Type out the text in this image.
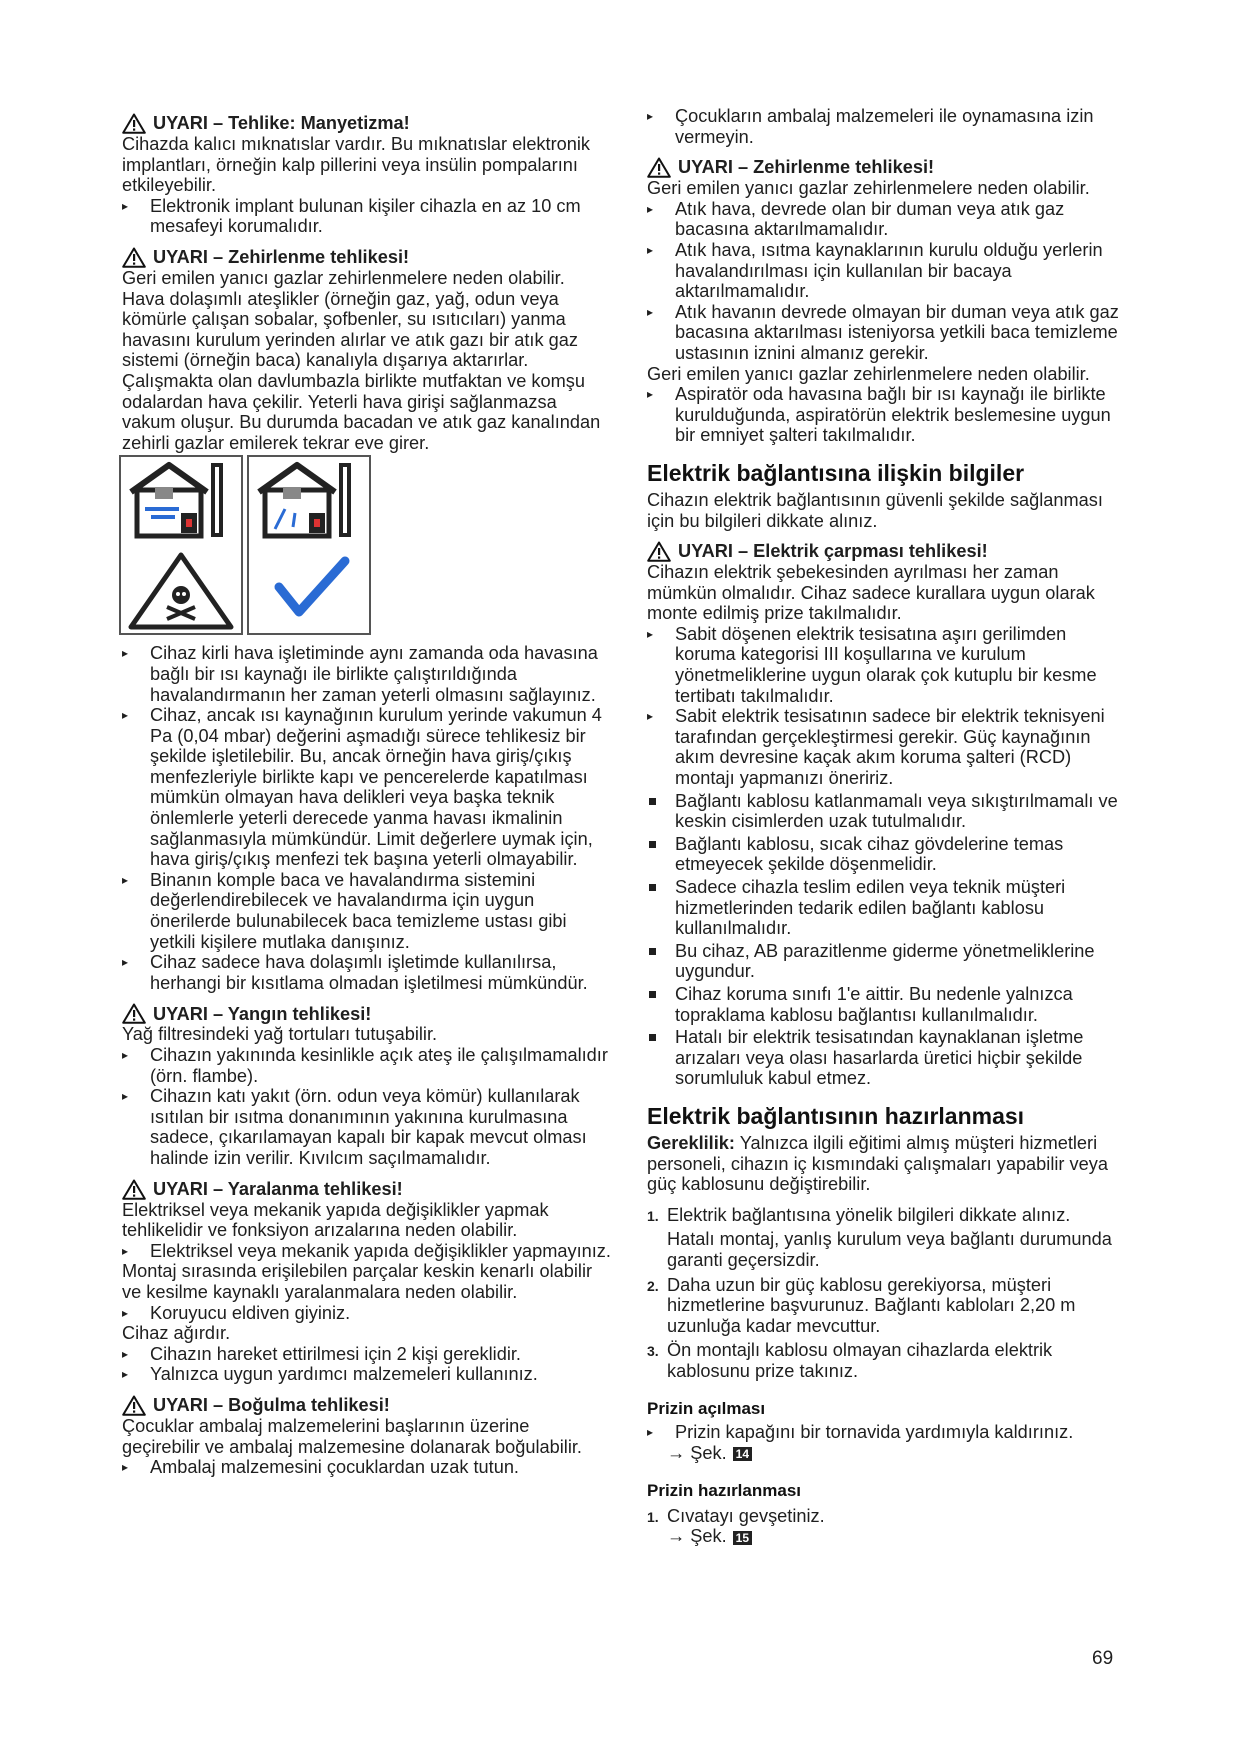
UYARI – Tehlike: Manyetizma!

Cihazda kalıcı mıknatıslar vardır. Bu mıknatıslar elektronik implantları, örneğin kalp pillerini veya insülin pompalarını etkileyebilir.

▸ Elektronik implant bulunan kişiler cihazla en az 10 cm mesafeyi korumalıdır.

UYARI – Zehirlenme tehlikesi!

Geri emilen yanıcı gazlar zehirlenmelere neden olabilir. Hava dolaşımlı ateşlikler (örneğin gaz, yağ, odun veya kömürle çalışan sobalar, şofbenler, su ısıtıcıları) yanma havasını kurulum yerinden alırlar ve atık gazı bir atık gaz sistemi (örneğin baca) kanalıyla dışarıya aktarırlar. Çalışmakta olan davlumbazla birlikte mutfaktan ve komşu odalardan hava çekilir. Yeterli hava girişi sağlanmazsa vakum oluşur. Bu durumda bacadan ve atık gaz kanalından zehirli gazlar emilerek tekrar eve girer.

▸ Cihaz kirli hava işletiminde aynı zamanda oda havasına bağlı bir ısı kaynağı ile birlikte çalıştırıldığında havalandırmanın her zaman yeterli olmasını sağlayınız.
▸ Cihaz, ancak ısı kaynağının kurulum yerinde vakumun 4 Pa (0,04 mbar) değerini aşmadığı sürece tehlikesiz bir şekilde işletilebilir. Bu, ancak örneğin hava giriş/çıkış menfezleriyle birlikte kapı ve pencerelerde kapatılması mümkün olmayan hava delikleri veya başka teknik önlemlerle yeterli derecede yanma havası ikmalinin sağlanmasıyla mümkündür. Limit değerlere uymak için, hava giriş/çıkış menfezi tek başına yeterli olmayabilir.
▸ Binanın komple baca ve havalandırma sistemini değerlendirebilecek ve havalandırma için uygun önerilerde bulunabilecek baca temizleme ustası gibi yetkili kişilere mutlaka danışınız.
▸ Cihaz sadece hava dolaşımlı işletimde kullanılırsa, herhangi bir kısıtlama olmadan işletilmesi mümkündür.

UYARI – Yangın tehlikesi!

Yağ filtresindeki yağ tortuları tutuşabilir.

▸ Cihazın yakınında kesinlikle açık ateş ile çalışılmamalıdır (örn. flambe).
▸ Cihazın katı yakıt (örn. odun veya kömür) kullanılarak ısıtılan bir ısıtma donanımının yakınına kurulmasına sadece, çıkarılamayan kapalı bir kapak mevcut olması halinde izin verilir. Kıvılcım saçılmamalıdır.

UYARI – Yaralanma tehlikesi!

Elektriksel veya mekanik yapıda değişiklikler yapmak tehlikelidir ve fonksiyon arızalarına neden olabilir.

▸ Elektriksel veya mekanik yapıda değişiklikler yapmayınız.

Montaj sırasında erişilebilen parçalar keskin kenarlı olabilir ve kesilme kaynaklı yaralanmalara neden olabilir.

▸ Koruyucu eldiven giyiniz.

Cihaz ağırdır.

▸ Cihazın hareket ettirilmesi için 2 kişi gereklidir.
▸ Yalnızca uygun yardımcı malzemeleri kullanınız.

UYARI – Boğulma tehlikesi!

Çocuklar ambalaj malzemelerini başlarının üzerine geçirebilir ve ambalaj malzemesine dolanarak boğulabilir.

▸ Ambalaj malzemesini çocuklardan uzak tutun.
▸ Çocukların ambalaj malzemeleri ile oynamasına izin vermeyin.

UYARI – Zehirlenme tehlikesi!

Geri emilen yanıcı gazlar zehirlenmelere neden olabilir.

▸ Atık hava, devrede olan bir duman veya atık gaz bacasına aktarılmamalıdır.
▸ Atık hava, ısıtma kaynaklarının kurulu olduğu yerlerin havalandırılması için kullanılan bir bacaya aktarılmamalıdır.
▸ Atık havanın devrede olmayan bir duman veya atık gaz bacasına aktarılması isteniyorsa yetkili baca temizleme ustasının iznini almanız gerekir.

Geri emilen yanıcı gazlar zehirlenmelere neden olabilir.

▸ Aspiratör oda havasına bağlı bir ısı kaynağı ile birlikte kurulduğunda, aspiratörün elektrik beslemesine uygun bir emniyet şalteri takılmalıdır.
Elektrik bağlantısına ilişkin bilgiler

Cihazın elektrik bağlantısının güvenli şekilde sağlanması için bu bilgileri dikkate alınız.

UYARI – Elektrik çarpması tehlikesi!

Cihazın elektrik şebekesinden ayrılması her zaman mümkün olmalıdır. Cihaz sadece kurallara uygun olarak monte edilmiş prize takılmalıdır.

▸ Sabit döşenen elektrik tesisatına aşırı gerilimden koruma kategorisi III koşullarına ve kurulum yönetmeliklerine uygun olarak çok kutuplu bir kesme tertibatı takılmalıdır.
▸ Sabit elektrik tesisatının sadece bir elektrik teknisyeni tarafından gerçekleştirmesi gerekir. Güç kaynağının akım devresine kaçak akım koruma şalteri (RCD) montajı yapmanızı öneririz.
Bağlantı kablosu katlanmamalı veya sıkıştırılmamalı ve keskin cisimlerden uzak tutulmalıdır.
Bağlantı kablosu, sıcak cihaz gövdelerine temas etmeyecek şekilde döşenmelidir.
Sadece cihazla teslim edilen veya teknik müşteri hizmetlerinden tedarik edilen bağlantı kablosu kullanılmalıdır.
Bu cihaz, AB parazitlenme giderme yönetmeliklerine uygundur.
Cihaz koruma sınıfı 1'e aittir. Bu nedenle yalnızca topraklama kablosu bağlantısı kullanılmalıdır.
Hatalı bir elektrik tesisatından kaynaklanan işletme arızaları veya olası hasarlarda üretici hiçbir şekilde sorumluluk kabul etmez.
Elektrik bağlantısının hazırlanması

Gereklilik: Yalnızca ilgili eğitimi almış müşteri hizmetleri personeli, cihazın iç kısmındaki çalışmaları yapabilir veya güç kablosunu değiştirebilir.

1. Elektrik bağlantısına yönelik bilgileri dikkate alınız.
Hatalı montaj, yanlış kurulum veya bağlantı durumunda garanti geçersizdir.
2. Daha uzun bir güç kablosu gerekiyorsa, müşteri hizmetlerine başvurunuz. Bağlantı kabloları 2,20 m uzunluğa kadar mevcuttur.
3. Ön montajlı kablosu olmayan cihazlarda elektrik kablosunu prize takınız.
Prizin açılması
▸ Prizin kapağını bir tornavida yardımıyla kaldırınız.

→ Şek. 14

Prizin hazırlanması
1. Cıvatayı gevşetiniz.

→ Şek. 15

69
